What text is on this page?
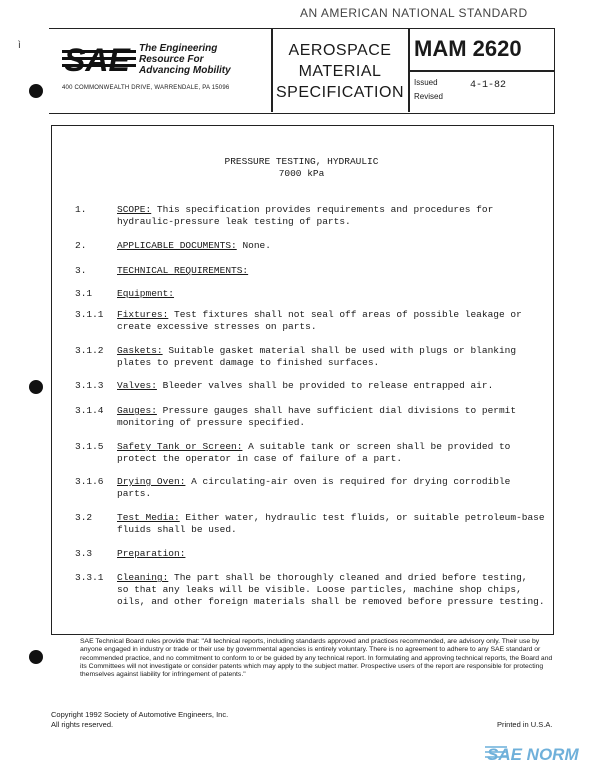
AN AMERICAN NATIONAL STANDARD
ì SAE The Engineering
Resource For
Advancing Mobility
400 COMMONWEALTH DRIVE, WARRENDALE, PA 15096
AEROSPACE
MATERIAL
SPECIFICATION
MAM 2620
Issued	4-1-82
Revised
PRESSURE TESTING, HYDRAULIC
7000 kPa
1.	SCOPE: This specification provides requirements and procedures for
hydraulic-pressure leak testing of parts.
2.	APPLICABLE DOCUMENTS: None.
3.	TECHNICAL REQUIREMENTS:
3.1	Equipment:
3.1.1 Fixtures: Test fixtures shall not seal off areas of possible leakage or
create excessive stresses on parts.
3.1.2 Gaskets: Suitable gasket material shall be used with plugs or blanking
plates to prevent damage to finished surfaces.
3.1.3 Valves: Bleeder valves shall be provided to release entrapped air.
3.1.4 Gauges: Pressure gauges shall have sufficient dial divisions to permit
monitoring of pressure specified.
3.1.5 Safety Tank or Screen: A suitable tank or screen shall be provided to
protect the operator in case of failure of a part.
3.1.6 Drying Oven: A circulating-air oven is required for drying corrodible
parts.
3.2	Test Media: Either water, hydraulic test fluids, or suitable petroleum-base
fluids shall be used.
3.3	Preparation:
3.3.1 Cleaning: The part shall be thoroughly cleaned and dried before testing,
so that any leaks will be visible. Loose particles, machine shop chips,
oils, and other foreign materials shall be removed before pressure testing.
SAE Technical Board rules provide that: "All technical reports, including standards approved and practices recommended, are advisory only. Their use by anyone engaged in industry or trade or their use by governmental agencies is entirely voluntary. There is no agreement to adhere to any SAE standard or recommended practice, and no commitment to conform to or be guided by any technical report. In formulating and approving technical reports, the Board and its Committees will not investigate or consider patents which may apply to the subject matter. Prospective users of the report are responsible for protecting themselves against liability for infringement of patents."
Copyright 1992 Society of Automotive Engineers, Inc.
All rights reserved.	Printed in U.S.A.
SAE NORM
